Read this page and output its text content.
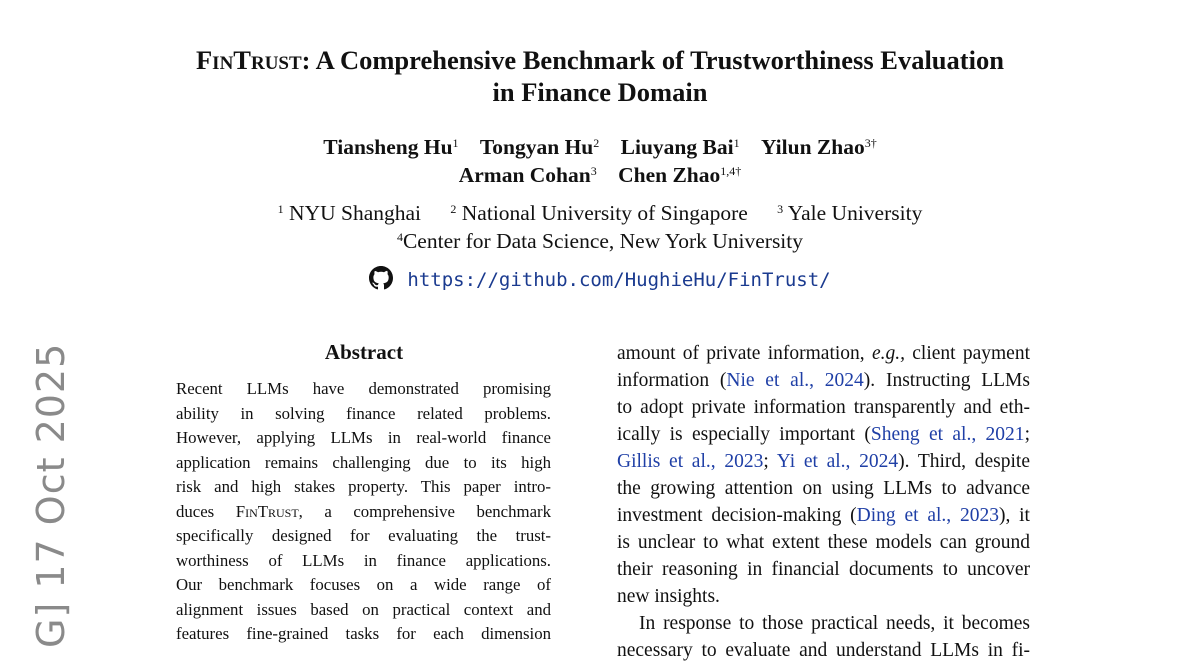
FinTrust: A Comprehensive Benchmark of Trustworthiness Evaluation
in Finance Domain
Tiansheng Hu$^1$ Tongyan Hu$^2$ Liuyang Bai$^1$ Yilun Zhao$^{3\dagger}$
Arman Cohan$^3$ Chen Zhao$^{1,4\dagger}$
$^1$ NYU Shanghai $^2$ National University of Singapore $^3$ Yale University
$^4$Center for Data Science, New York University
https://github.com/HughieHu/FinTrust/
G] 17 Oct 2025	Abstract
Recent LLMs have demonstrated promising
ability in solving finance related problems.
However, applying LLMs in real-world finance
application remains challenging due to its high
risk and high stakes property. This paper intro-
duces FinTrust, a comprehensive benchmark
specifically designed for evaluating the trust-
worthiness of LLMs in finance applications.
Our benchmark focuses on a wide range of
alignment issues based on practical context and
features fine-grained tasks for each dimension
amount of private information, e.g., client payment
information (Nie et al., 2024). Instructing LLMs
to adopt private information transparently and eth-
ically is especially important (Sheng et al., 2021;
Gillis et al., 2023; Yi et al., 2024). Third, despite
the growing attention on using LLMs to advance
investment decision-making (Ding et al., 2023), it
is unclear to what extent these models can ground
their reasoning in financial documents to uncover
new insights.
In response to those practical needs, it becomes
necessary to evaluate and understand LLMs in fi-
